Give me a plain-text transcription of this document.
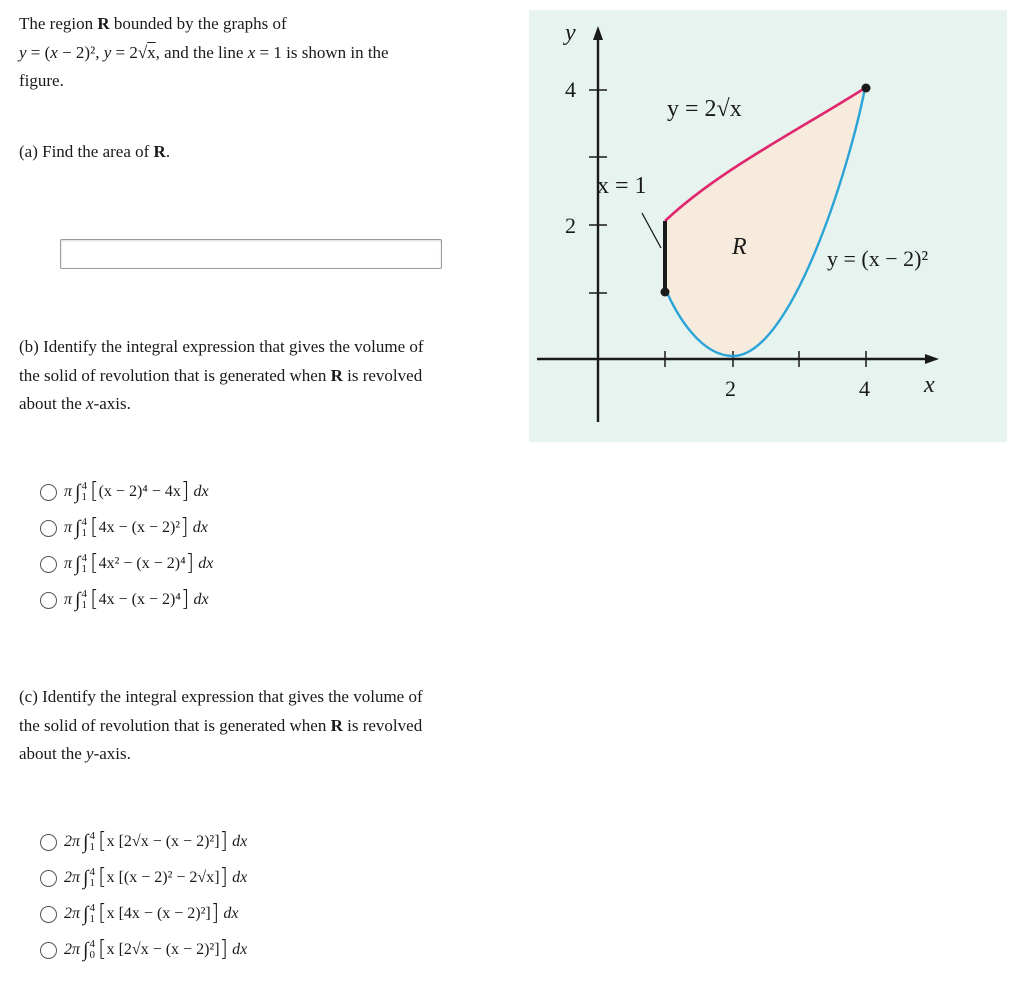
The region R bounded by the graphs of
y = (x − 2)², y = 2√x, and the line x = 1 is shown in the
figure.
(a) Find the area of R.
(b) Identify the integral expression that gives the volume of
the solid of revolution that is generated when R is revolved
about the x-axis.
π ∫ 4
1 [ (x − 2)⁴ − 4x ]
dx
π ∫ 4
1 [ 4x − (x − 2)² ]
dx
π ∫ 4
1 [ 4x² − (x − 2)⁴ ]
dx
π ∫ 4
1 [ 4x − (x − 2)⁴ ]
dx
(c) Identify the integral expression that gives the volume of
the solid of revolution that is generated when R is revolved
about the y-axis.
2π ∫ 4
1 [ x [2√x − (x − 2)²] ]
dx
2π ∫ 4
1 [ x [(x − 2)² − 2√x] ]
dx
2π ∫ 4
1 [ x [4x − (x − 2)²] ]
dx
2π ∫ 4
0 [ x [2√x − (x − 2)²] ]
dx
y
x
4
2
2	4
y = 2√x
x = 1
R	y = (x − 2)²
